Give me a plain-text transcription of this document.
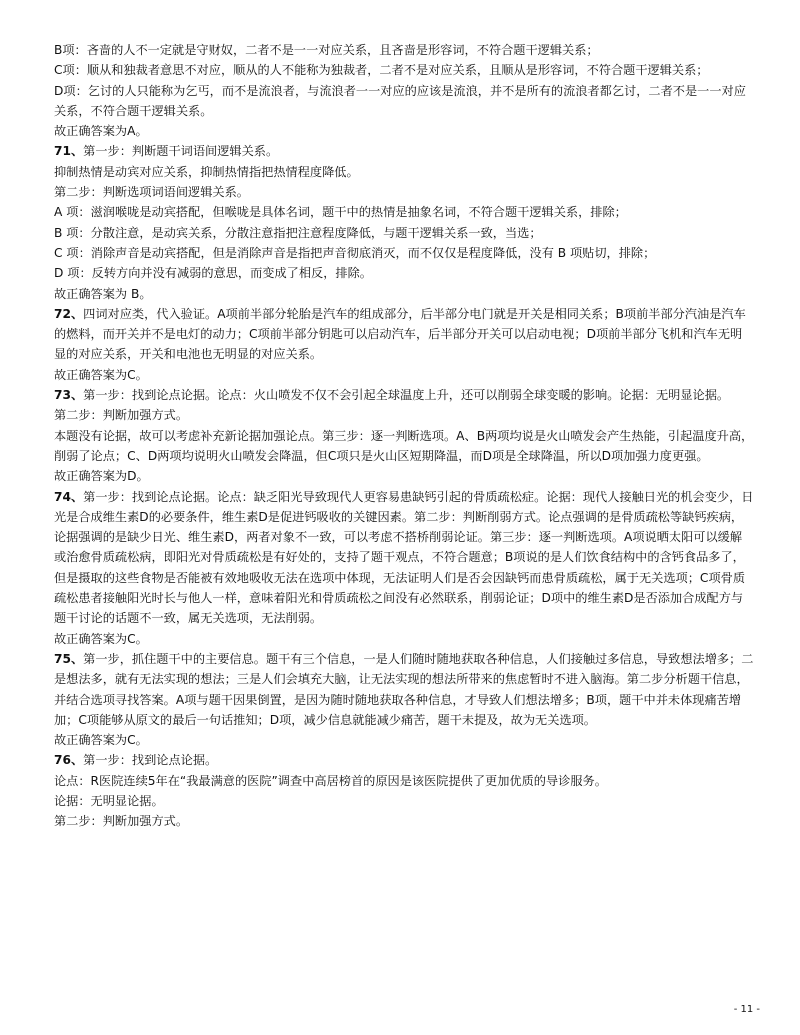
B项：吝啬的人不一定就是守财奴，二者不是一一对应关系，且吝啬是形容词，不符合题干逻辑关系；

C项：顺从和独裁者意思不对应，顺从的人不能称为独裁者，二者不是对应关系，且顺从是形容词，不符合题干逻辑关系；

D项：乞讨的人只能称为乞丐，而不是流浪者，与流浪者一一对应的应该是流浪，并不是所有的流浪者都乞讨，二者不是一一对应关系，不符合题干逻辑关系。

故正确答案为A。

71、第一步：判断题干词语间逻辑关系。

抑制热情是动宾对应关系，抑制热情指把热情程度降低。

第二步：判断选项词语间逻辑关系。

A 项：滋润喉咙是动宾搭配，但喉咙是具体名词，题干中的热情是抽象名词，不符合题干逻辑关系，排除；

B 项：分散注意，是动宾关系，分散注意指把注意程度降低，与题干逻辑关系一致，当选；

C 项：消除声音是动宾搭配，但是消除声音是指把声音彻底消灭，而不仅仅是程度降低，没有 B 项贴切，排除；

D 项：反转方向并没有减弱的意思，而变成了相反，排除。

故正确答案为 B。

72、四词对应类，代入验证。A项前半部分轮胎是汽车的组成部分，后半部分电门就是开关是相同关系；B项前半部分汽油是汽车的燃料，而开关并不是电灯的动力；C项前半部分钥匙可以启动汽车，后半部分开关可以启动电视；D项前半部分飞机和汽车无明显的对应关系，开关和电池也无明显的对应关系。

故正确答案为C。

73、第一步：找到论点论据。论点：火山喷发不仅不会引起全球温度上升，还可以削弱全球变暖的影响。论据：无明显论据。

第二步：判断加强方式。

本题没有论据，故可以考虑补充新论据加强论点。第三步：逐一判断选项。A、B两项均说是火山喷发会产生热能，引起温度升高，削弱了论点；C、D两项均说明火山喷发会降温，但C项只是火山区短期降温，而D项是全球降温，所以D项加强力度更强。

故正确答案为D。

74、第一步：找到论点论据。论点：缺乏阳光导致现代人更容易患缺钙引起的骨质疏松症。论据：现代人接触日光的机会变少，日光是合成维生素D的必要条件，维生素D是促进钙吸收的关键因素。第二步：判断削弱方式。论点强调的是骨质疏松等缺钙疾病，论据强调的是缺少日光、维生素D，两者对象不一致，可以考虑不搭桥削弱论证。第三步：逐一判断选项。A项说晒太阳可以缓解或治愈骨质疏松病，即阳光对骨质疏松是有好处的，支持了题干观点，不符合题意；B项说的是人们饮食结构中的含钙食品多了，但是摄取的这些食物是否能被有效地吸收无法在选项中体现，无法证明人们是否会因缺钙而患骨质疏松，属于无关选项；C项骨质疏松患者接触阳光时长与他人一样，意味着阳光和骨质疏松之间没有必然联系，削弱论证；D项中的维生素D是否添加合成配方与题干讨论的话题不一致，属无关选项，无法削弱。

故正确答案为C。

75、第一步，抓住题干中的主要信息。题干有三个信息，一是人们随时随地获取各种信息，人们接触过多信息，导致想法增多；二是想法多，就有无法实现的想法；三是人们会填充大脑，让无法实现的想法所带来的焦虑暂时不进入脑海。第二步分析题干信息，并结合选项寻找答案。A项与题干因果倒置，是因为随时随地获取各种信息，才导致人们想法增多；B项，题干中并未体现痛苦增加；C项能够从原文的最后一句话推知；D项，减少信息就能减少痛苦，题干未提及，故为无关选项。

故正确答案为C。

76、第一步：找到论点论据。

论点：R医院连续5年在“我最满意的医院”调查中高居榜首的原因是该医院提供了更加优质的导诊服务。

论据：无明显论据。

第二步：判断加强方式。

- 11 -
